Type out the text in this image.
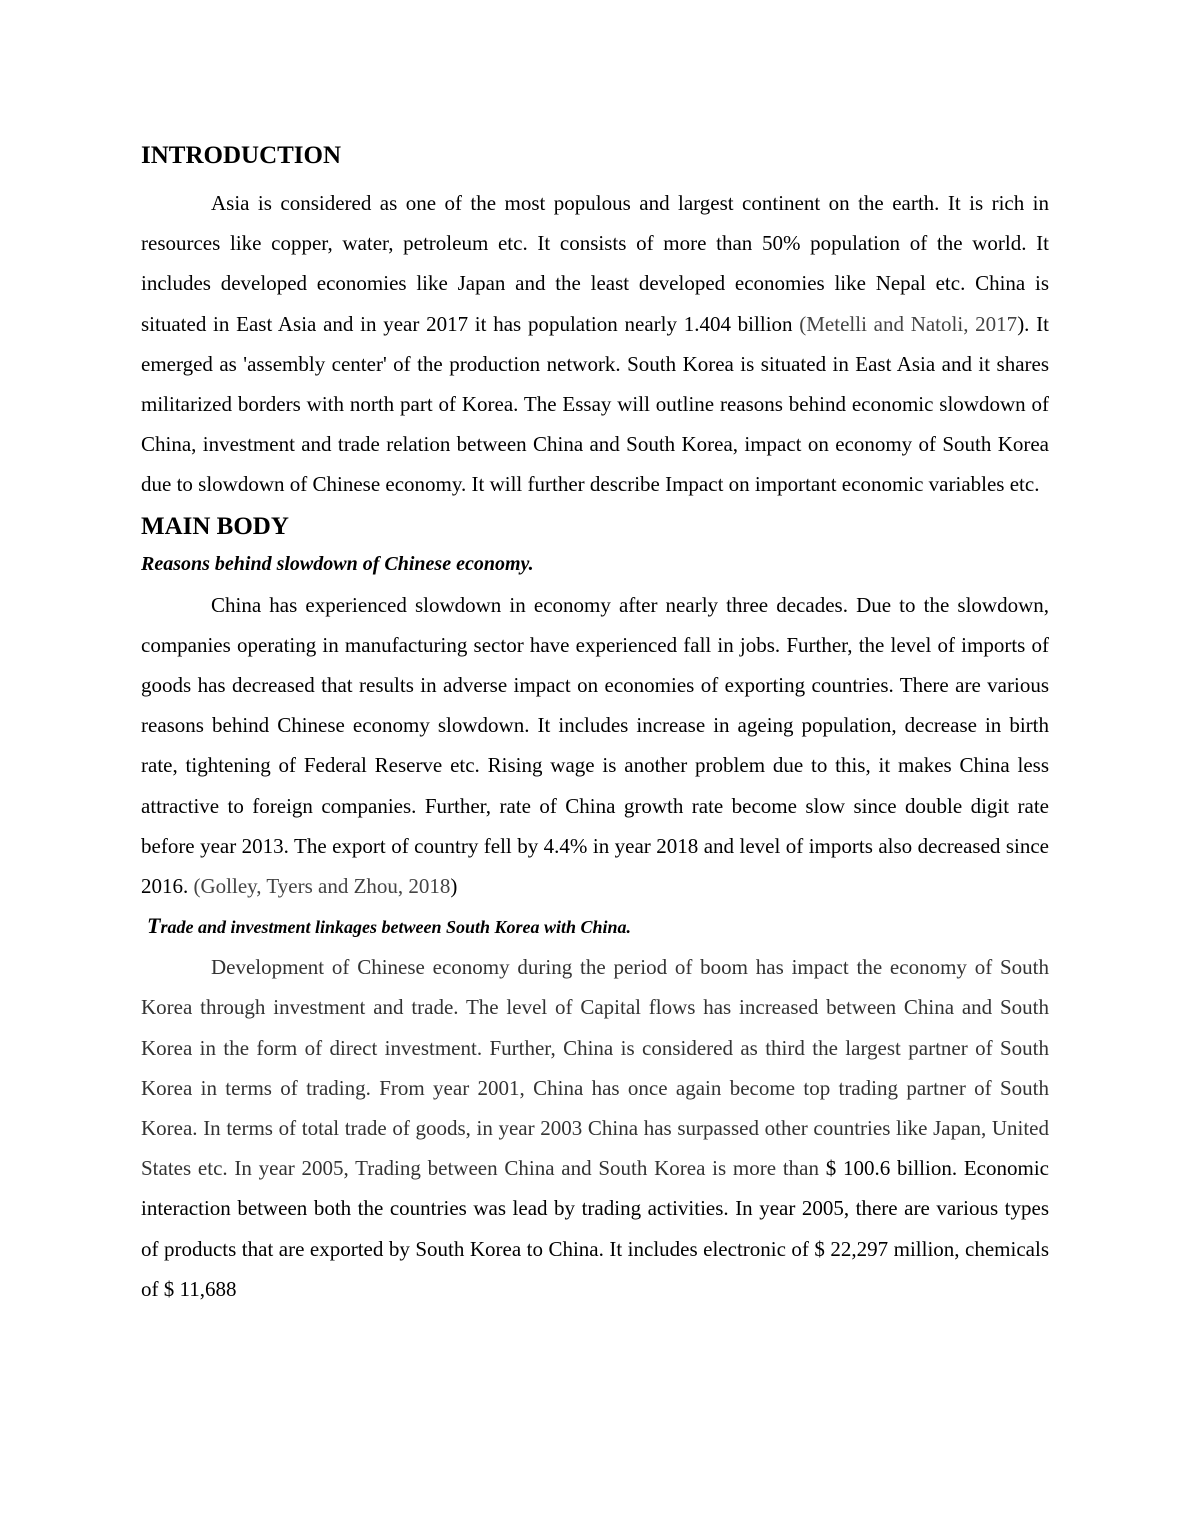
INTRODUCTION

Asia is considered as one of the most populous and largest continent on the earth. It is rich in resources like copper, water, petroleum etc. It consists of more than 50% population of the world. It includes developed economies like Japan and the least developed economies like Nepal etc. China is situated in East Asia and in year 2017 it has population nearly 1.404 billion (Metelli and Natoli, 2017). It emerged as 'assembly center' of the production network. South Korea is situated in East Asia and it shares militarized borders with north part of Korea. The Essay will outline reasons behind economic slowdown of China, investment and trade relation between China and South Korea, impact on economy of South Korea due to slowdown of Chinese economy. It will further describe Impact on important economic variables etc.

MAIN BODY
Reasons behind slowdown of Chinese economy.

China has experienced slowdown in economy after nearly three decades. Due to the slowdown, companies operating in manufacturing sector have experienced fall in jobs. Further, the level of imports of goods has decreased that results in adverse impact on economies of exporting countries. There are various reasons behind Chinese economy slowdown. It includes increase in ageing population, decrease in birth rate, tightening of Federal Reserve etc. Rising wage is another problem due to this, it makes China less attractive to foreign companies. Further, rate of China growth rate become slow since double digit rate before year 2013. The export of country fell by 4.4% in year 2018 and level of imports also decreased since 2016. (Golley, Tyers and Zhou, 2018)

Trade and investment linkages between South Korea with China.

Development of Chinese economy during the period of boom has impact the economy of South Korea through investment and trade. The level of Capital flows has increased between China and South Korea in the form of direct investment. Further, China is considered as third the largest partner of South Korea in terms of trading. From year 2001, China has once again become top trading partner of South Korea. In terms of total trade of goods, in year 2003 China has surpassed other countries like Japan, United States etc. In year 2005, Trading between China and South Korea is more than $ 100.6 billion. Economic interaction between both the countries was lead by trading activities. In year 2005, there are various types of products that are exported by South Korea to China. It includes electronic of $ 22,297 million, chemicals of $ 11,688
